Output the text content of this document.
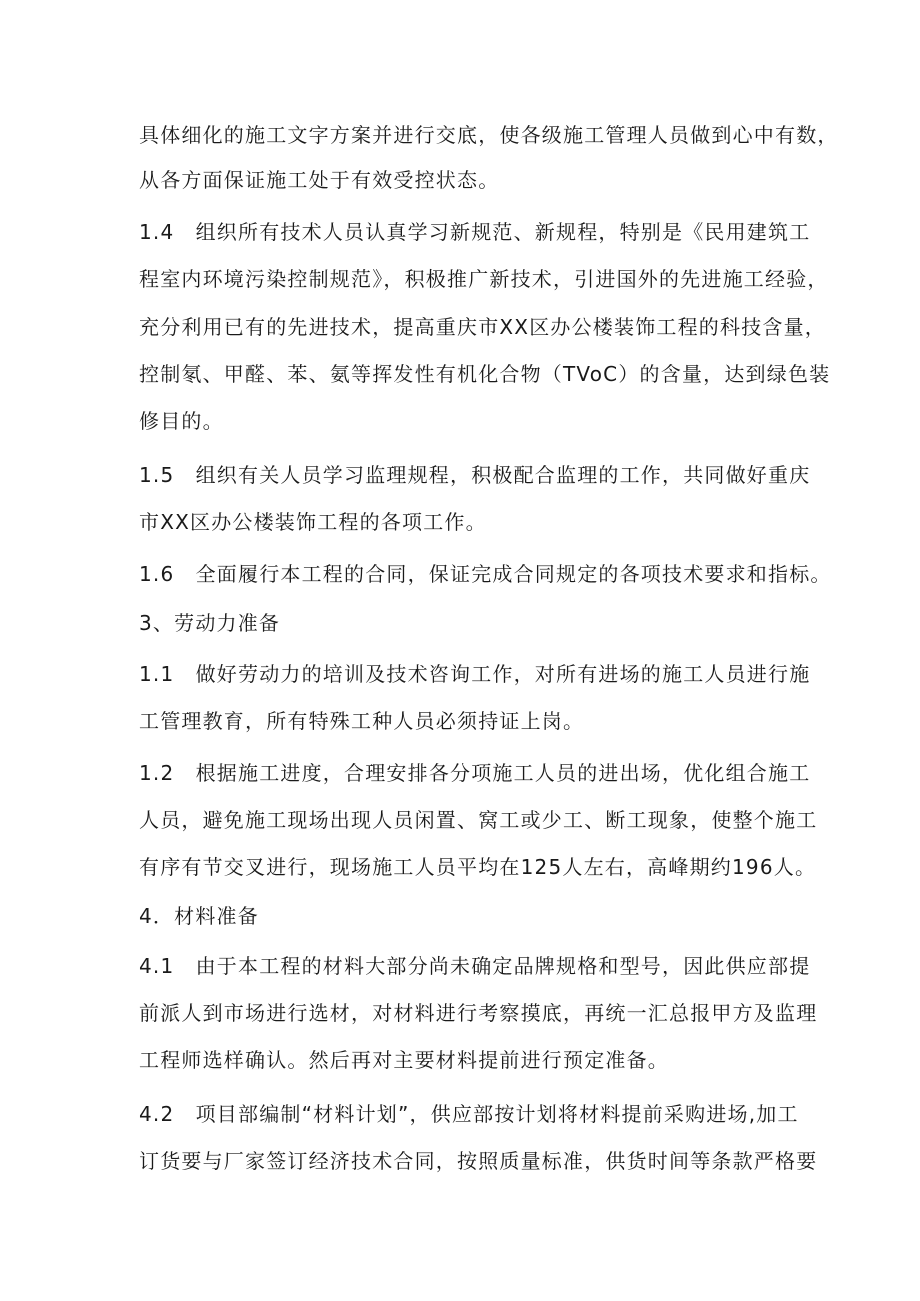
具体细化的施工文字方案并进行交底，使各级施工管理人员做到心中有数，
从各方面保证施工处于有效受控状态。
1.4　组织所有技术人员认真学习新规范、新规程，特别是《民用建筑工
程室内环境污染控制规范》，积极推广新技术，引进国外的先进施工经验，
充分利用已有的先进技术，提高重庆市XX区办公楼装饰工程的科技含量，
控制氡、甲醛、苯、氨等挥发性有机化合物（TVoC）的含量，达到绿色装
修目的。
1.5　组织有关人员学习监理规程，积极配合监理的工作，共同做好重庆
市XX区办公楼装饰工程的各项工作。
1.6　全面履行本工程的合同，保证完成合同规定的各项技术要求和指标。
3、劳动力准备
1.1　做好劳动力的培训及技术咨询工作，对所有进场的施工人员进行施
工管理教育，所有特殊工种人员必须持证上岗。
1.2　根据施工进度，合理安排各分项施工人员的进出场，优化组合施工
人员，避免施工现场出现人员闲置、窝工或少工、断工现象，使整个施工
有序有节交叉进行，现场施工人员平均在125人左右，高峰期约196人。
4．材料准备
4.1　由于本工程的材料大部分尚未确定品牌规格和型号，因此供应部提
前派人到市场进行选材，对材料进行考察摸底，再统一汇总报甲方及监理
工程师选样确认。然后再对主要材料提前进行预定准备。
4.2　项目部编制“材料计划”，供应部按计划将材料提前采购进场,加工
订货要与厂家签订经济技术合同，按照质量标准，供货时间等条款严格要
